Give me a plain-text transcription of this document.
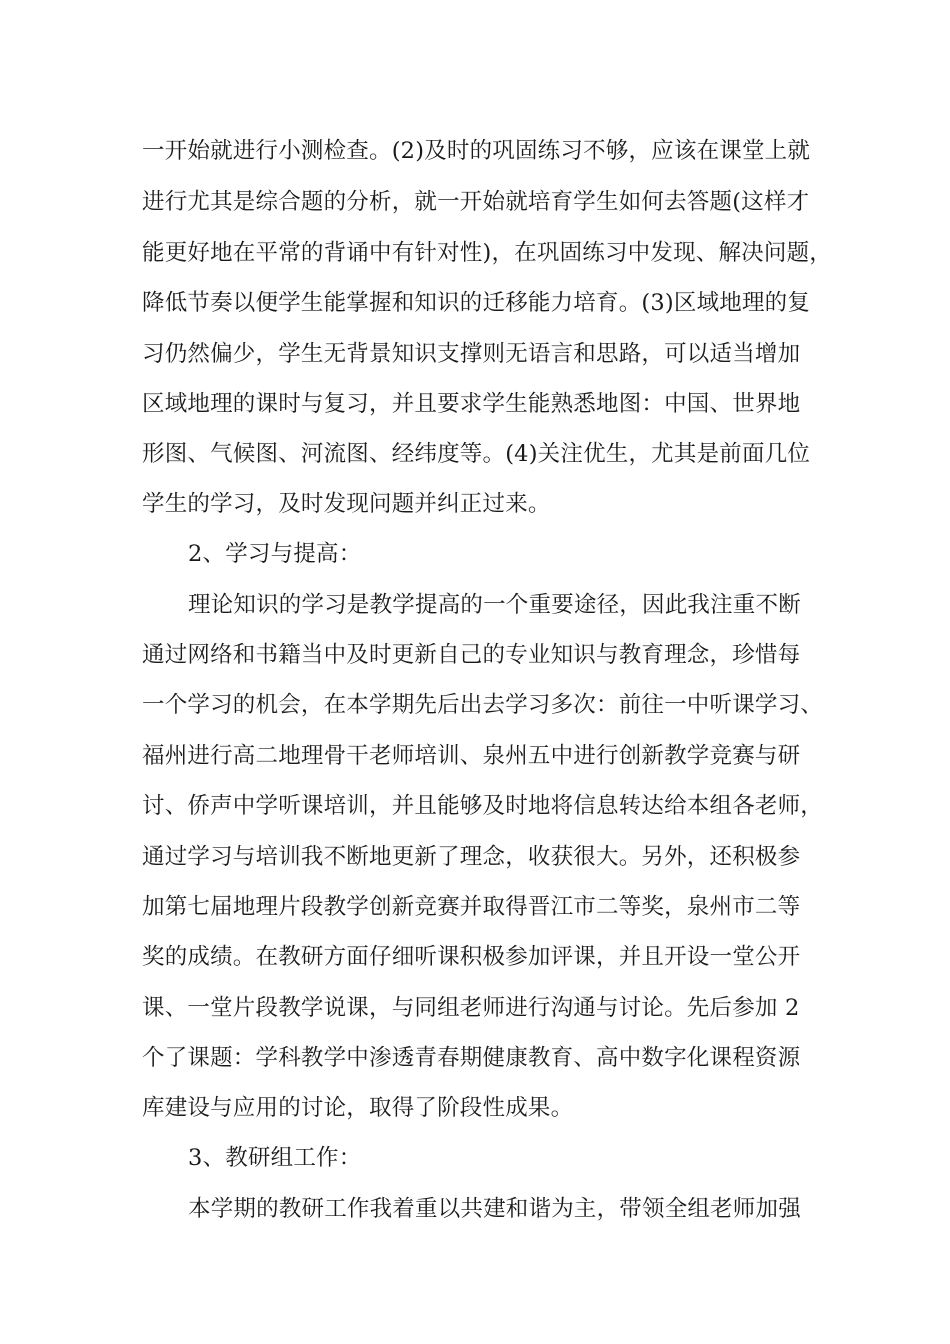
一开始就进行小测检查。(2)及时的巩固练习不够，应该在课堂上就

进行尤其是综合题的分析，就一开始就培育学生如何去答题(这样才

能更好地在平常的背诵中有针对性)，在巩固练习中发现、解决问题，

降低节奏以便学生能掌握和知识的迁移能力培育。(3)区域地理的复

习仍然偏少，学生无背景知识支撑则无语言和思路，可以适当增加

区域地理的课时与复习，并且要求学生能熟悉地图：中国、世界地

形图、气候图、河流图、经纬度等。(4)关注优生，尤其是前面几位

学生的学习，及时发现问题并纠正过来。

2、学习与提高：

理论知识的学习是教学提高的一个重要途径，因此我注重不断

通过网络和书籍当中及时更新自己的专业知识与教育理念，珍惜每

一个学习的机会，在本学期先后出去学习多次：前往一中听课学习、

福州进行高二地理骨干老师培训、泉州五中进行创新教学竞赛与研

讨、侨声中学听课培训，并且能够及时地将信息转达给本组各老师，

通过学习与培训我不断地更新了理念，收获很大。另外，还积极参

加第七届地理片段教学创新竞赛并取得晋江市二等奖，泉州市二等

奖的成绩。在教研方面仔细听课积极参加评课，并且开设一堂公开

课、一堂片段教学说课，与同组老师进行沟通与讨论。先后参加 2

个了课题：学科教学中渗透青春期健康教育、高中数字化课程资源

库建设与应用的讨论，取得了阶段性成果。

3、教研组工作：

本学期的教研工作我着重以共建和谐为主，带领全组老师加强
